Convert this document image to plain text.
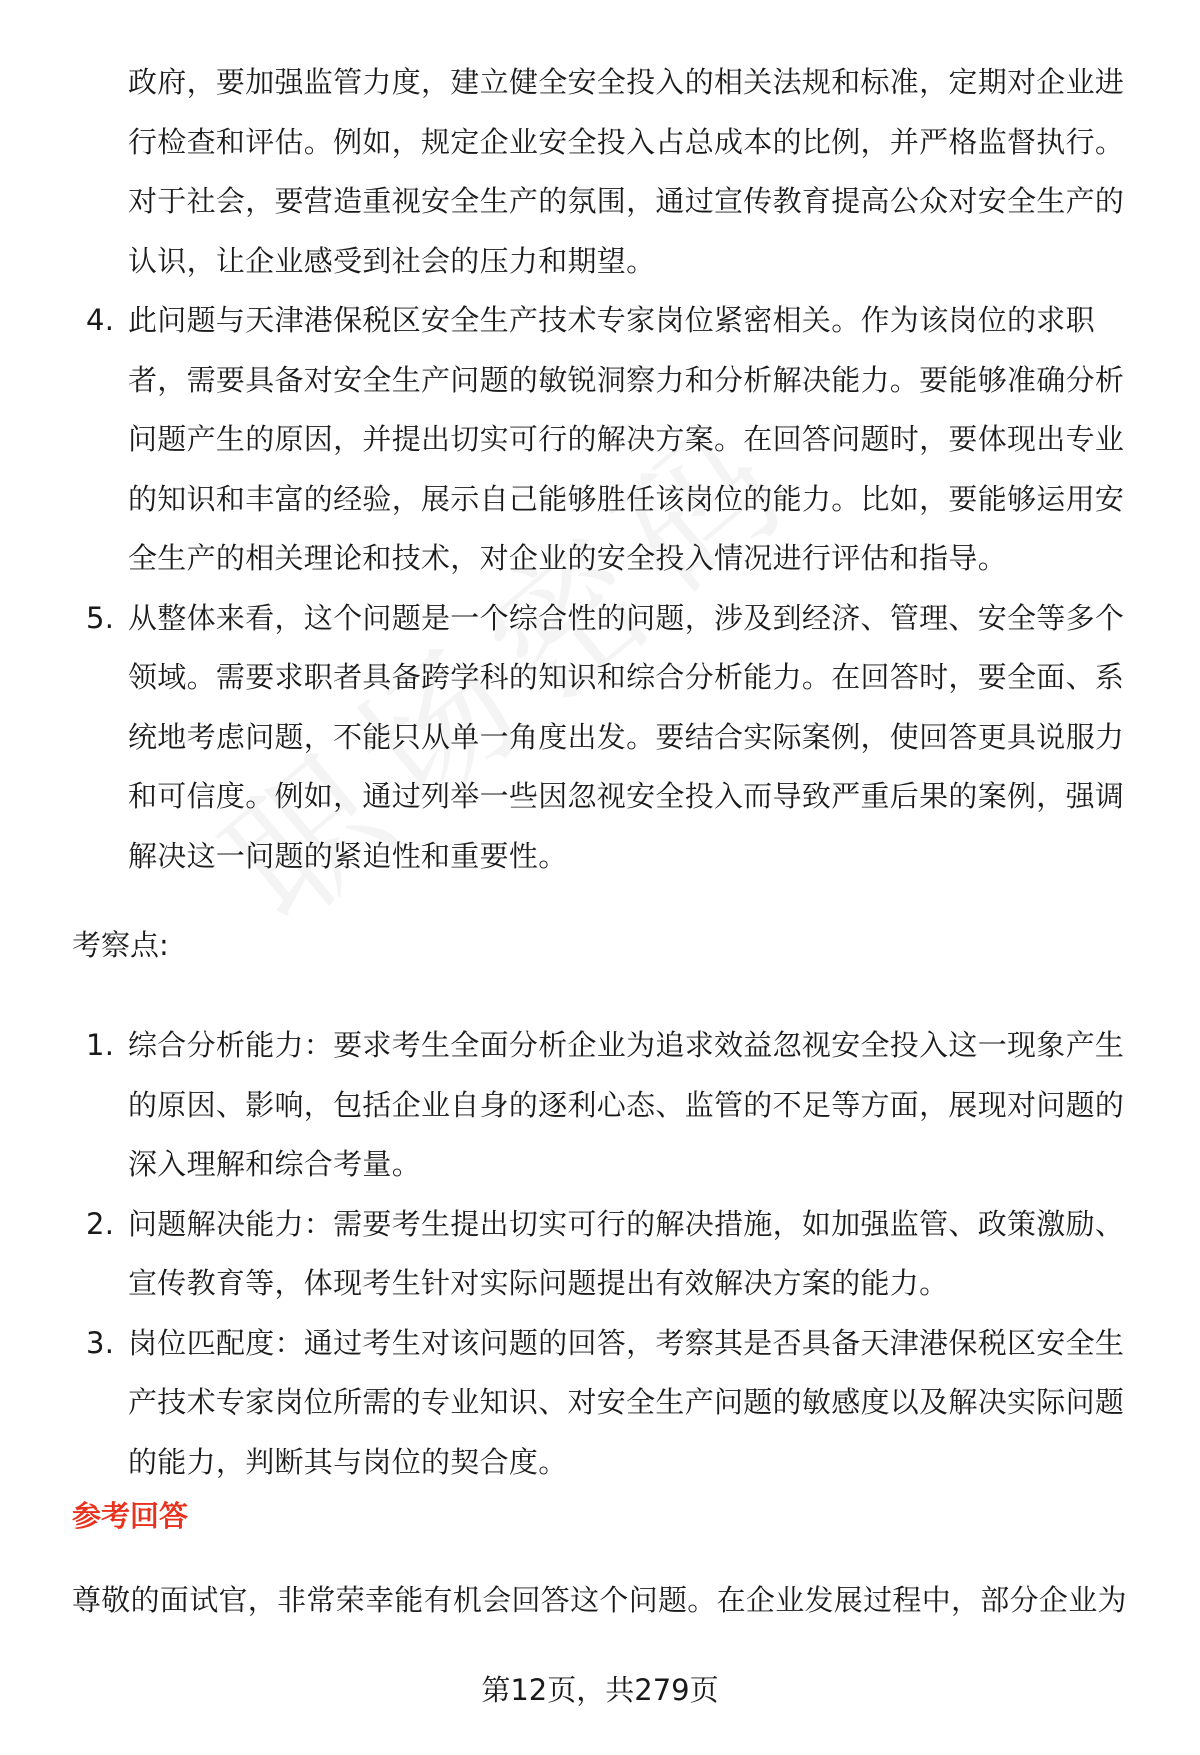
政府，要加强监管力度，建立健全安全投入的相关法规和标准，定期对企业进行检查和评估。例如，规定企业安全投入占总成本的比例，并严格监督执行。对于社会，要营造重视安全生产的氛围，通过宣传教育提高公众对安全生产的认识，让企业感受到社会的压力和期望。
4. 此问题与天津港保税区安全生产技术专家岗位紧密相关。作为该岗位的求职者，需要具备对安全生产问题的敏锐洞察力和分析解决能力。要能够准确分析问题产生的原因，并提出切实可行的解决方案。在回答问题时，要体现出专业的知识和丰富的经验，展示自己能够胜任该岗位的能力。比如，要能够运用安全生产的相关理论和技术，对企业的安全投入情况进行评估和指导。
5. 从整体来看，这个问题是一个综合性的问题，涉及到经济、管理、安全等多个领域。需要求职者具备跨学科的知识和综合分析能力。在回答时，要全面、系统地考虑问题，不能只从单一角度出发。要结合实际案例，使回答更具说服力和可信度。例如，通过列举一些因忽视安全投入而导致严重后果的案例，强调解决这一问题的紧迫性和重要性。
考察点:
1. 综合分析能力：要求考生全面分析企业为追求效益忽视安全投入这一现象产生的原因、影响，包括企业自身的逐利心态、监管的不足等方面，展现对问题的深入理解和综合考量。
2. 问题解决能力：需要考生提出切实可行的解决措施，如加强监管、政策激励、宣传教育等，体现考生针对实际问题提出有效解决方案的能力。
3. 岗位匹配度：通过考生对该问题的回答，考察其是否具备天津港保税区安全生产技术专家岗位所需的专业知识、对安全生产问题的敏感度以及解决实际问题的能力，判断其与岗位的契合度。
参考回答
尊敬的面试官，非常荣幸能有机会回答这个问题。在企业发展过程中，部分企业为
第12页，共279页
